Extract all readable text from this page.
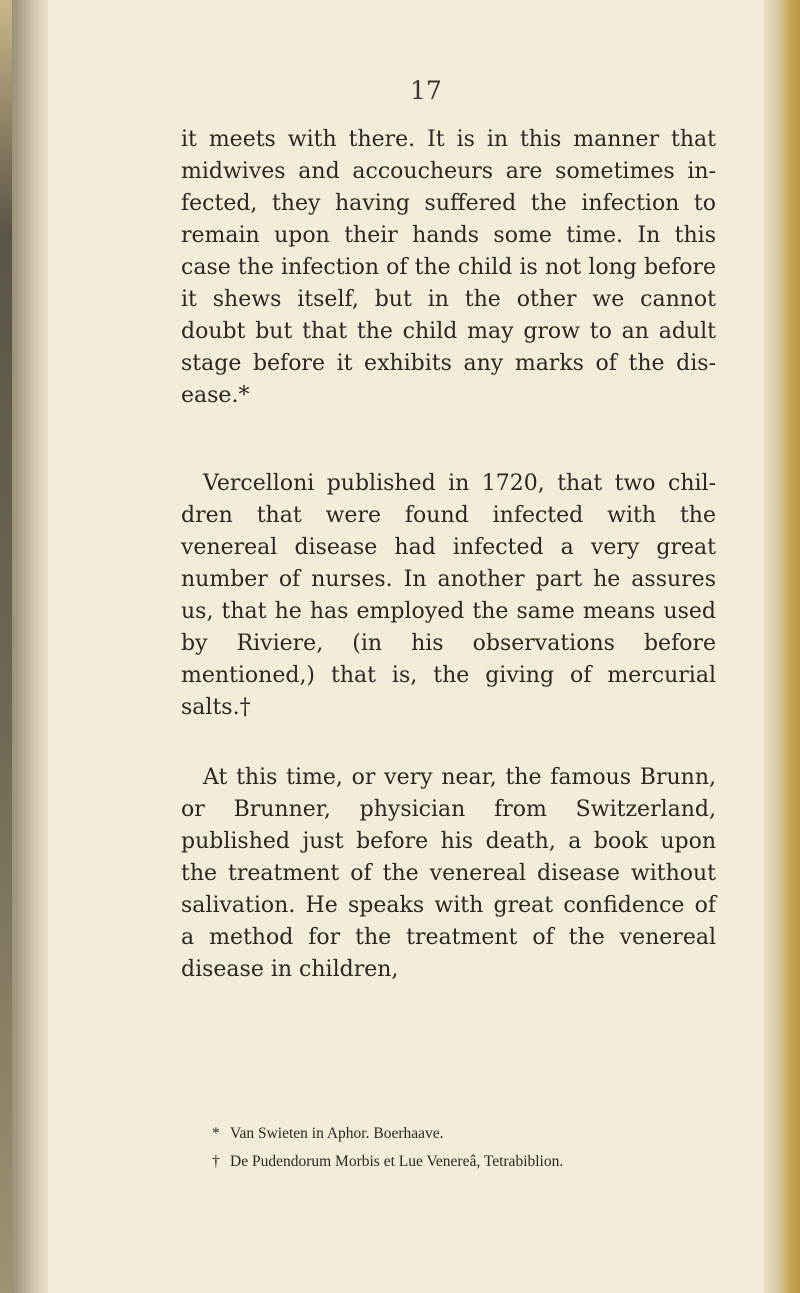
17

it meets with there. It is in this manner that midwives and accoucheurs are sometimes in-fected, they having suffered the infection to remain upon their hands some time. In this case the infection of the child is not long before it shews itself, but in the other we cannot doubt but that the child may grow to an adult stage before it exhibits any marks of the dis-ease.*

Vercelloni published in 1720, that two chil-dren that were found infected with the venereal disease had infected a very great number of nurses. In another part he assures us, that he has employed the same means used by Riviere, (in his observations before mentioned,) that is, the giving of mercurial salts.†

At this time, or very near, the famous Brunn, or Brunner, physician from Switzerland, published just before his death, a book upon the treatment of the venereal disease without salivation. He speaks with great confidence of a method for the treatment of the venereal disease in children,

* Van Swieten in Aphor. Boerhaave.

† De Pudendorum Morbis et Lue Venereâ, Tetrabiblion.
